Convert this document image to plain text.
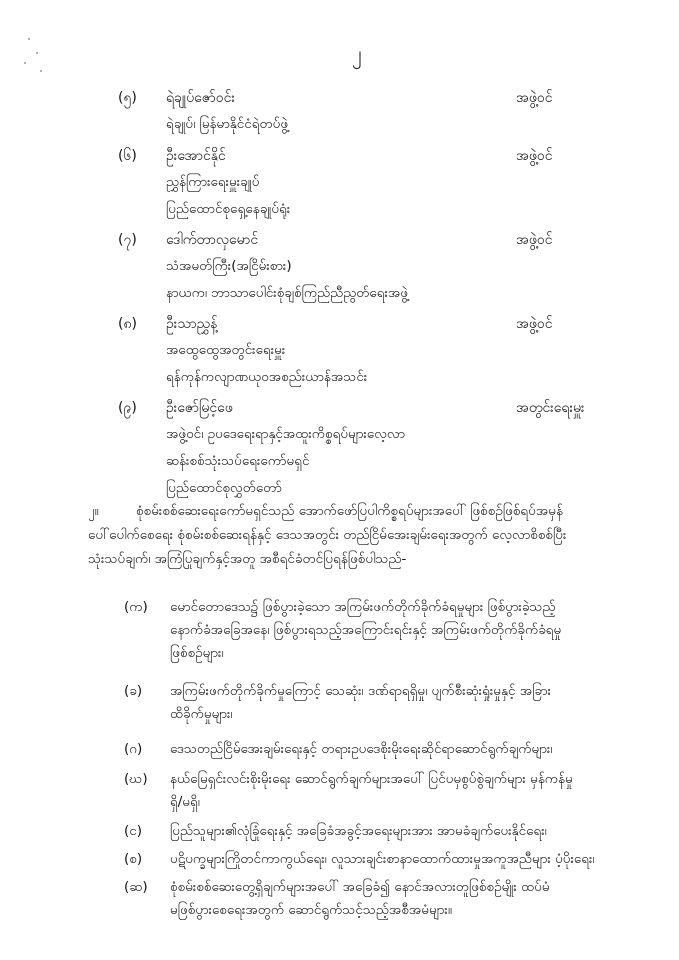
၂
(၅)	ရဲချုပ်ဇော်ဝင်း	အဖွဲ့ဝင်
ရဲချုပ်၊ မြန်မာနိုင်ငံရဲတပ်ဖွဲ့
(၆)	ဦးအောင်နိုင်	အဖွဲ့ဝင်
ညွှန်ကြားရေးမှူးချုပ်
ပြည်ထောင်စုရှေ့နေချုပ်ရုံး
(၇)	ဒေါက်တာလှမောင်	အဖွဲ့ဝင်
သံအမတ်ကြီး(အငြိမ်းစား)
နာယက၊ ဘာသာပေါင်းစုံချစ်ကြည်ညီညွတ်ရေးအဖွဲ့
(၈)	ဦးသာညွှန့်	အဖွဲ့ဝင်
အထွေထွေအတွင်းရေးမှူး
ရန်ကုန်ကလျာဏယုဝအစည်းယာန်အသင်း
(၉)	ဦးဇော်မြင့်ဖေ	အတွင်းရေးမှူး
အဖွဲ့ဝင်၊ ဥပဒေရေးရာနှင့်အထူးကိစ္စရပ်များလေ့လာ
ဆန်းစစ်သုံးသပ်ရေးကော်မရှင်
ပြည်ထောင်စုလွှတ်တော်
၂။	စုံစမ်းစစ်ဆေးရေးကော်မရှင်သည် အောက်ဖော်ပြပါကိစ္စရပ်များအပေါ် ဖြစ်စဉ်ဖြစ်ရပ်အမှန်
ပေါ်ပေါက်စေရေး စုံစမ်းစစ်ဆေးရန်နှင့် ဒေသအတွင်း တည်ငြိမ်အေးချမ်းရေးအတွက် လေ့လာစိစစ်ပြီး
သုံးသပ်ချက်၊ အကြံပြုချက်နှင့်အတူ အစီရင်ခံတင်ပြရန်ဖြစ်ပါသည်-
(က) မောင်တောဒေသ၌ ဖြစ်ပွားခဲ့သော အကြမ်းဖက်တိုက်ခိုက်ခံရမှုများ ဖြစ်ပွားခဲ့သည့်
နောက်ခံအခြေအနေ၊ ဖြစ်ပွားရသည့်အကြောင်းရင်းနှင့် အကြမ်းဖက်တိုက်ခိုက်ခံရမှု
ဖြစ်စဉ်များ၊
(ခ) အကြမ်းဖက်တိုက်ခိုက်မှုကြောင့် သေဆုံး၊ ဒဏ်ရာရရှိမှု၊ ပျက်စီးဆုံးရှုံးမှုနှင့် အခြား
ထိခိုက်မှုများ၊
(ဂ) ဒေသတည်ငြိမ်အေးချမ်းရေးနှင့် တရားဥပဒေစိုးမိုးရေးဆိုင်ရာဆောင်ရွက်ချက်များ၊
(ဃ) နယ်မြေရှင်းလင်းစိုးမိုးရေး ဆောင်ရွက်ချက်များအပေါ် ပြင်ပမှစွပ်စွဲချက်များ မှန်ကန်မှု
ရှိ/မရှိ၊
(င) ပြည်သူများ၏လုံခြုံရေးနှင့် အခြေခံအခွင့်အရေးများအား အာမခံချက်ပေးနိုင်ရေး၊
(စ) ပဋိပက္ခများကြိုတင်ကာကွယ်ရေး၊ လူသားချင်းစာနာထောက်ထားမှုအကူအညီများ ပံ့ပိုးရေး၊
(ဆ) စုံစမ်းစစ်ဆေးတွေ့ရှိချက်များအပေါ် အခြေခံ၍ နောင်အလားတူဖြစ်စဉ်မျိုး ထပ်မံ
မဖြစ်ပွားစေရေးအတွက် ဆောင်ရွက်သင့်သည့်အစီအမံများ။
